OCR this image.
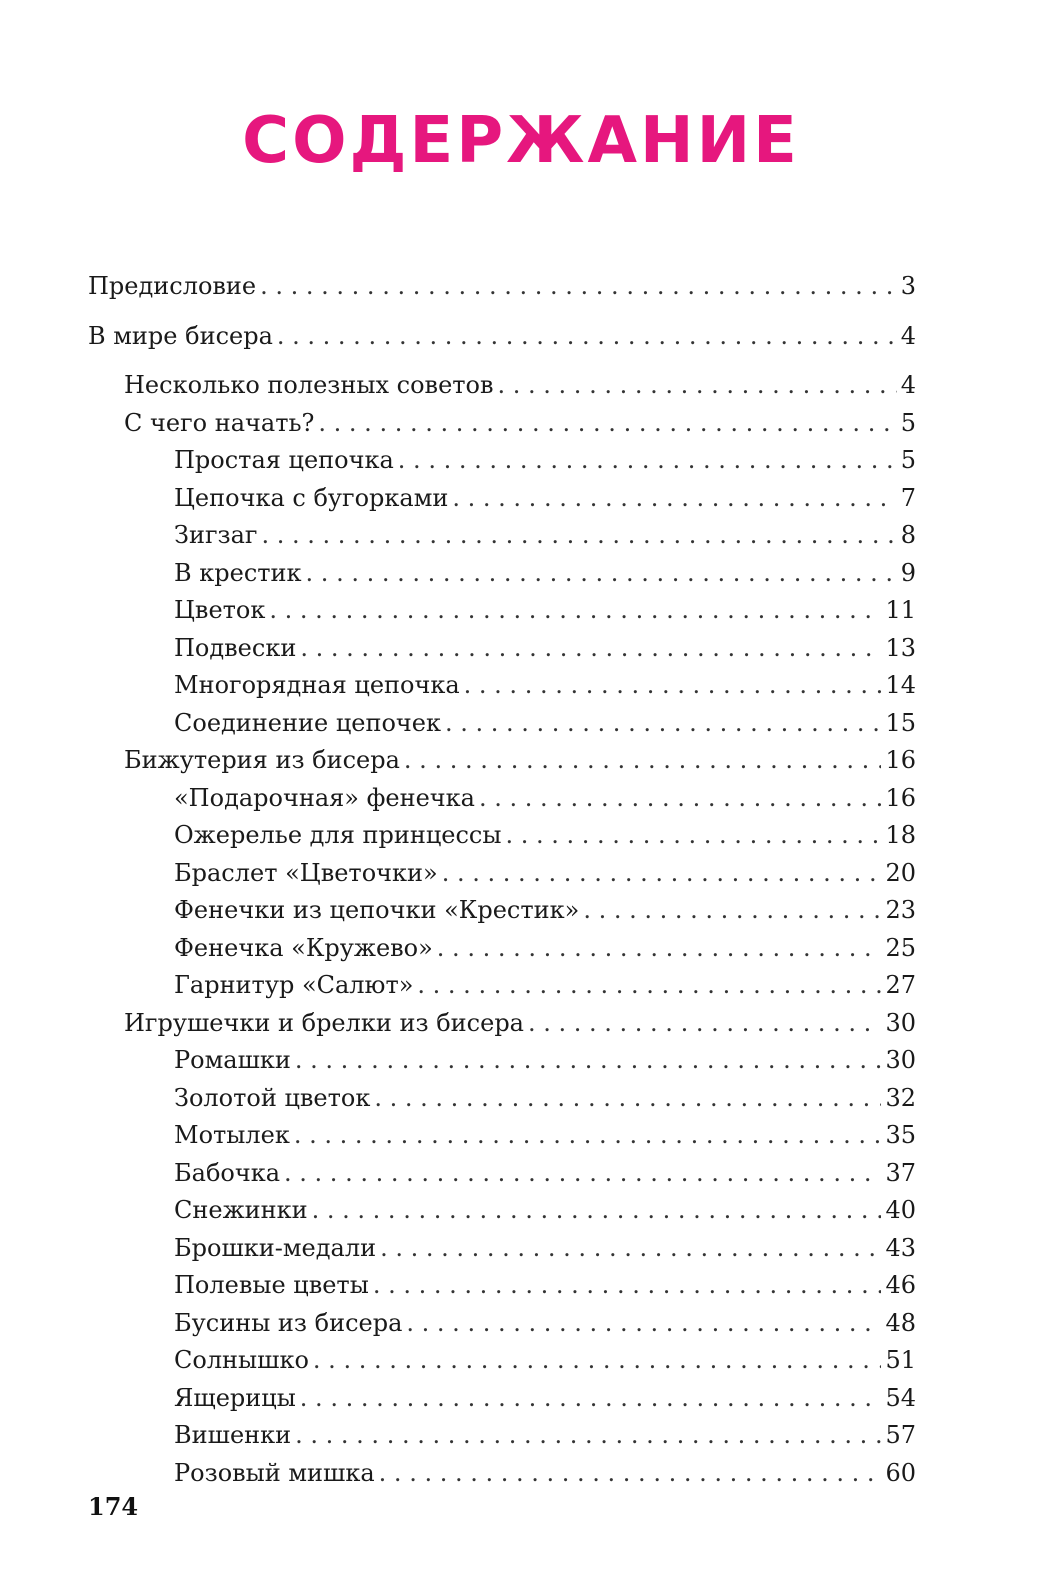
СОДЕРЖАНИЕ
Предисловие . . .	3
В мире бисера . . .	4
Несколько полезных советов . . .	4
С чего начать? . . .	5
Простая цепочка . . .	5
Цепочка с бугорками . . .	7
Зигзаг . . .	8
В крестик . . .	9
Цветок . . .	11
Подвески . . .	13
Многорядная цепочка . . .	14
Соединение цепочек . . .	15
Бижутерия из бисера . . .	16
«Подарочная» фенечка . . .	16
Ожерелье для принцессы . . .	18
Браслет «Цветочки» . . .	20
Фенечки из цепочки «Крестик» . . .	23
Фенечка «Кружево» . . .	25
Гарнитур «Салют» . . .	27
Игрушечки и брелки из бисера . . .	30
Ромашки . . .	30
Золотой цветок . . .	32
Мотылек . . .	35
Бабочка . . .	37
Снежинки . . .	40
Брошки-медали . . .	43
Полевые цветы . . .	46
Бусины из бисера . . .	48
Солнышко . . .	51
Ящерицы . . .	54
Вишенки . . .	57
Розовый мишка . . .	60
174
